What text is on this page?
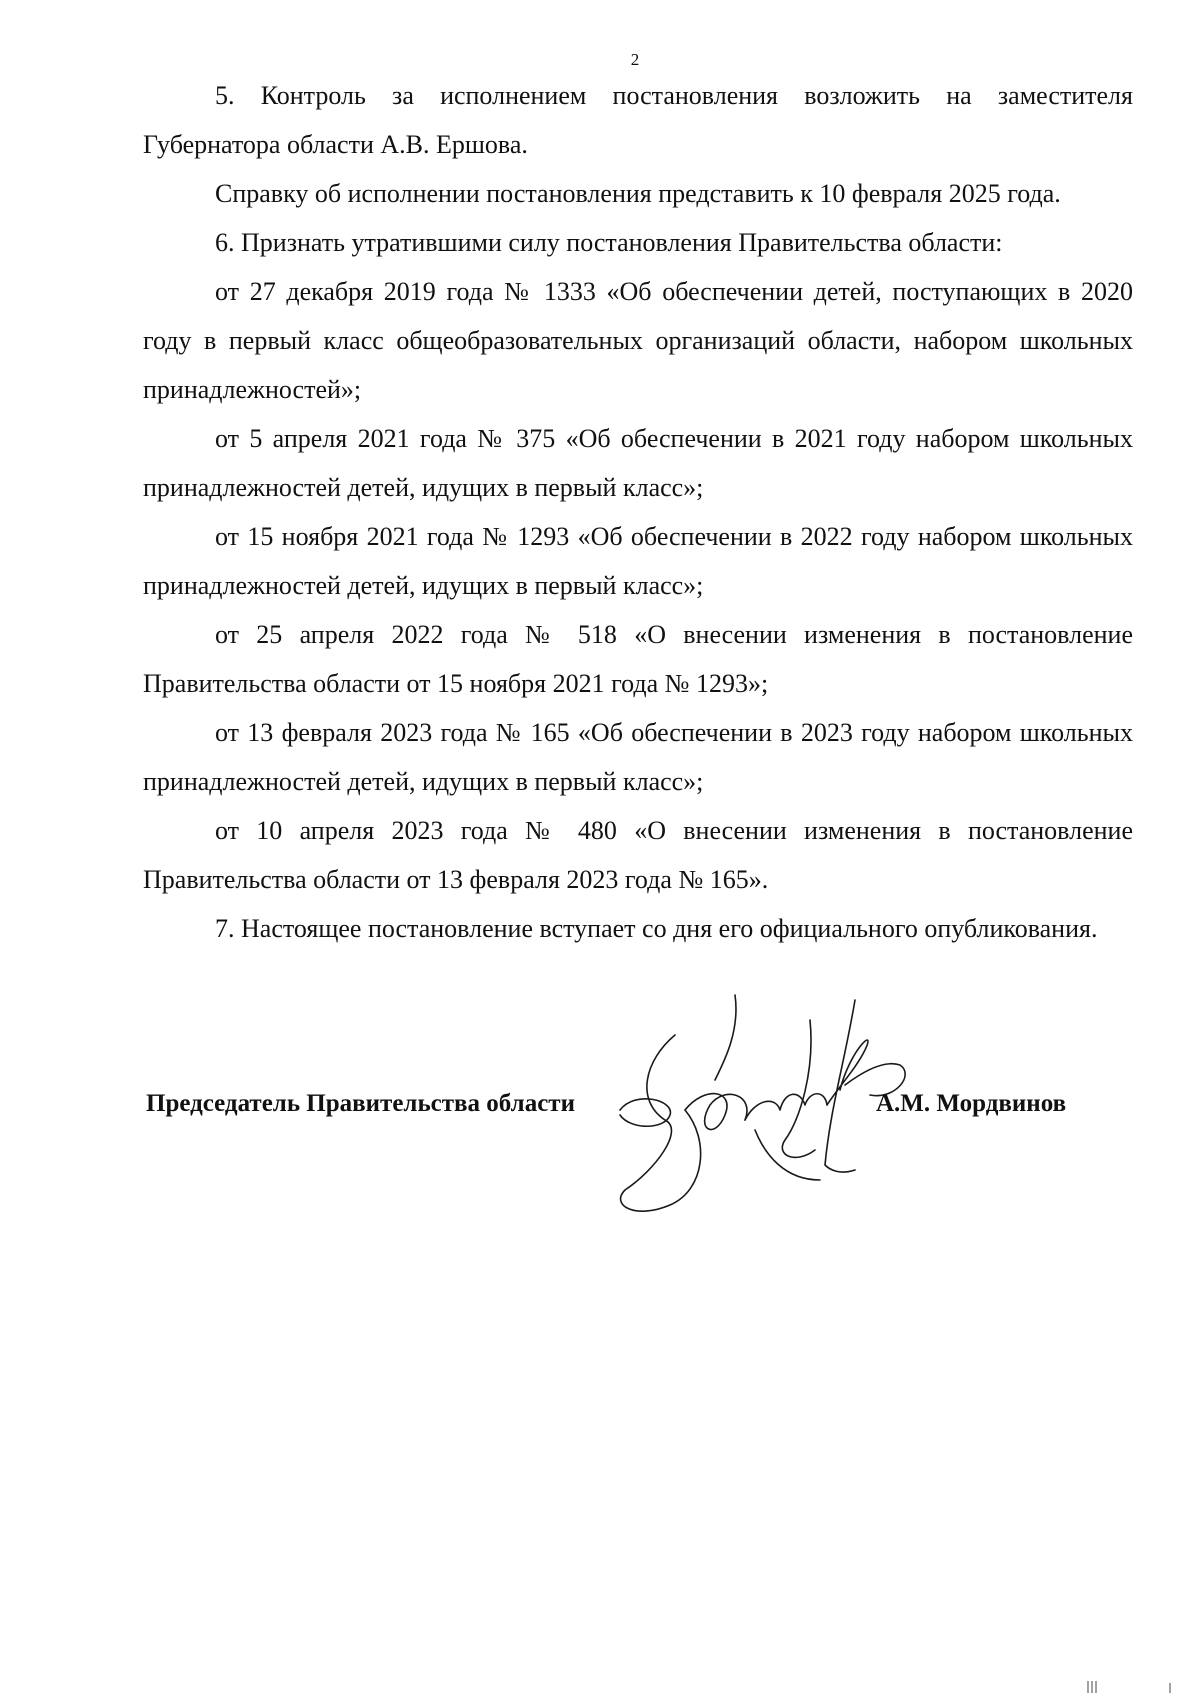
2

5. Контроль за исполнением постановления возложить на заместителя Губернатора области А.В. Ершова.

Справку об исполнении постановления представить к 10 февраля 2025 года.

6. Признать утратившими силу постановления Правительства области:

от 27 декабря 2019 года № 1333 «Об обеспечении детей, поступающих в 2020 году в первый класс общеобразовательных организаций области, набором школьных принадлежностей»;

от 5 апреля 2021 года № 375 «Об обеспечении в 2021 году набором школьных принадлежностей детей, идущих в первый класс»;

от 15 ноября 2021 года № 1293 «Об обеспечении в 2022 году набором школьных принадлежностей детей, идущих в первый класс»;

от 25 апреля 2022 года № 518 «О внесении изменения в постановление Правительства области от 15 ноября 2021 года № 1293»;

от 13 февраля 2023 года № 165 «Об обеспечении в 2023 году набором школьных принадлежностей детей, идущих в первый класс»;

от 10 апреля 2023 года № 480 «О внесении изменения в постановление Правительства области от 13 февраля 2023 года № 165».

7. Настоящее постановление вступает со дня его официального опубликования.

Председатель Правительства области	А.М. Мордвинов
